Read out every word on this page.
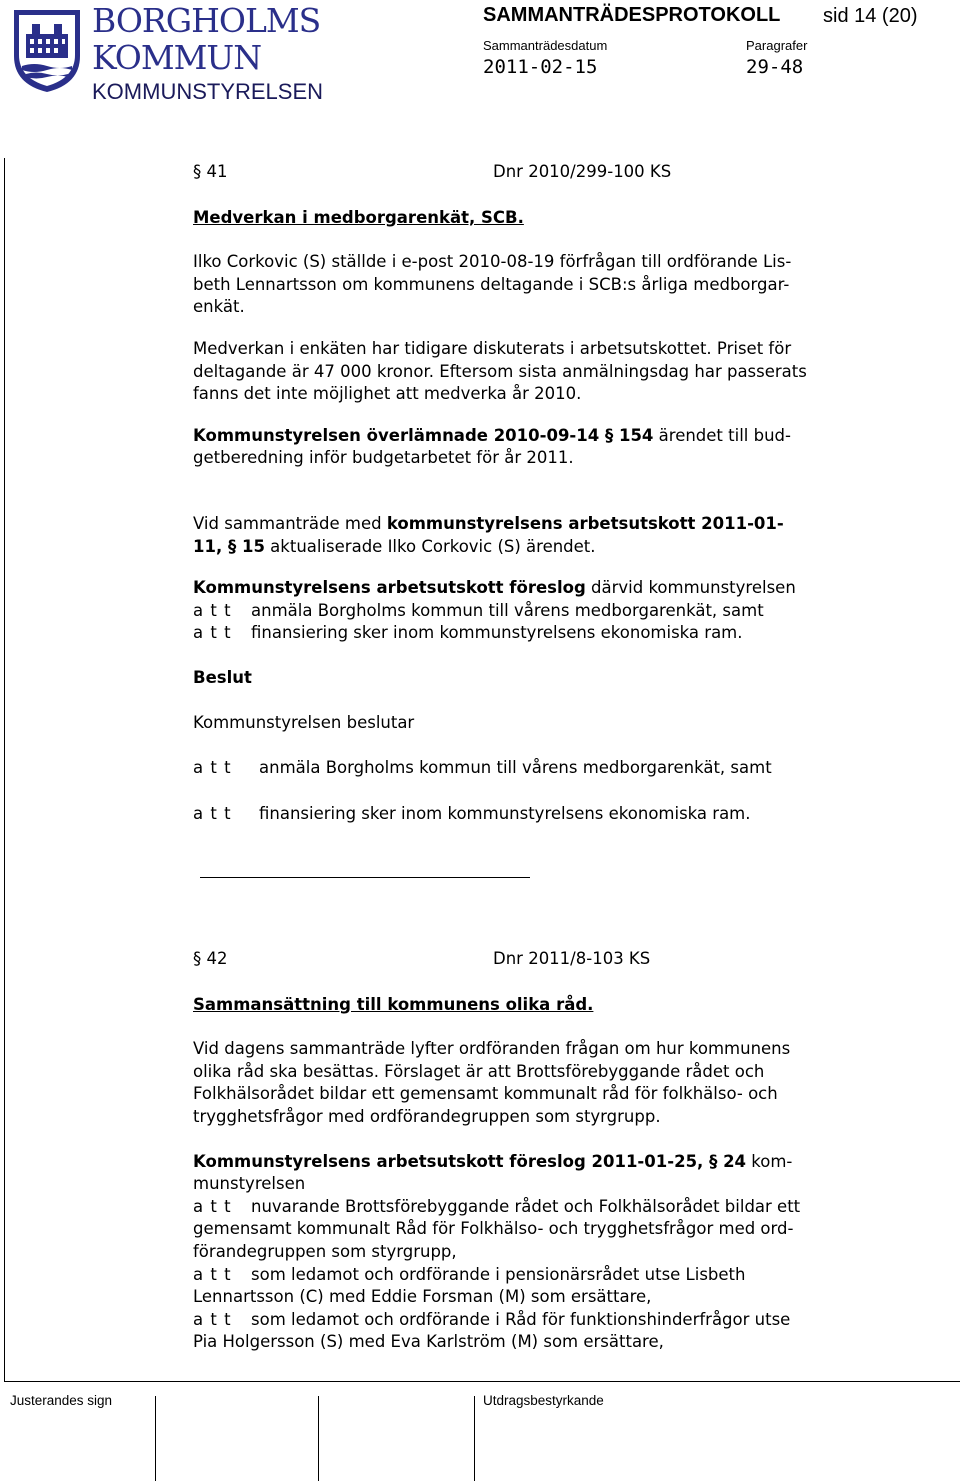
BORGHOLMS
KOMMUN
KOMMUNSTYRELSEN
SAMMANTRÄDESPROTOKOLL sid 14 (20)
Sammanträdesdatum
2011-02-15
Paragrafer
29-48

§ 41	Dnr 2010/299-100 KS

Medverkan i medborgarenkät, SCB.

Ilko Corkovic (S) ställde i e-post 2010-08-19 förfrågan till ordförande Lis-
beth Lennartsson om kommunens deltagande i SCB:s årliga medborgar-
enkät.

Medverkan i enkäten har tidigare diskuterats i arbetsutskottet. Priset för
deltagande är 47 000 kronor. Eftersom sista anmälningsdag har passerats
fanns det inte möjlighet att medverka år 2010.

Kommunstyrelsen överlämnade 2010-09-14 § 154 ärendet till bud-
getberedning inför budgetarbetet för år 2011.

Vid sammanträde med kommunstyrelsens arbetsutskott 2011-01-
11, § 15 aktualiserade Ilko Corkovic (S) ärendet.

Kommunstyrelsens arbetsutskott föreslog därvid kommunstyrelsen
a t t anmäla Borgholms kommun till vårens medborgarenkät, samt
a t t finansiering sker inom kommunstyrelsens ekonomiska ram.

Beslut

Kommunstyrelsen beslutar

a t t anmäla Borgholms kommun till vårens medborgarenkät, samt

a t t finansiering sker inom kommunstyrelsens ekonomiska ram.

§ 42	Dnr 2011/8-103 KS

Sammansättning till kommunens olika råd.

Vid dagens sammanträde lyfter ordföranden frågan om hur kommunens
olika råd ska besättas. Förslaget är att Brottsförebyggande rådet och
Folkhälsorådet bildar ett gemensamt kommunalt råd för folkhälso- och
trygghetsfrågor med ordförandegruppen som styrgrupp.

Kommunstyrelsens arbetsutskott föreslog 2011-01-25, § 24 kom-
munstyrelsen
a t t nuvarande Brottsförebyggande rådet och Folkhälsorådet bildar ett
gemensamt kommunalt Råd för Folkhälso- och trygghetsfrågor med ord-
förandegruppen som styrgrupp,
a t t som ledamot och ordförande i pensionärsrådet utse Lisbeth
Lennartsson (C) med Eddie Forsman (M) som ersättare,
a t t som ledamot och ordförande i Råd för funktionshinderfrågor utse
Pia Holgersson (S) med Eva Karlström (M) som ersättare,

Justerandes sign	Utdragsbestyrkande
